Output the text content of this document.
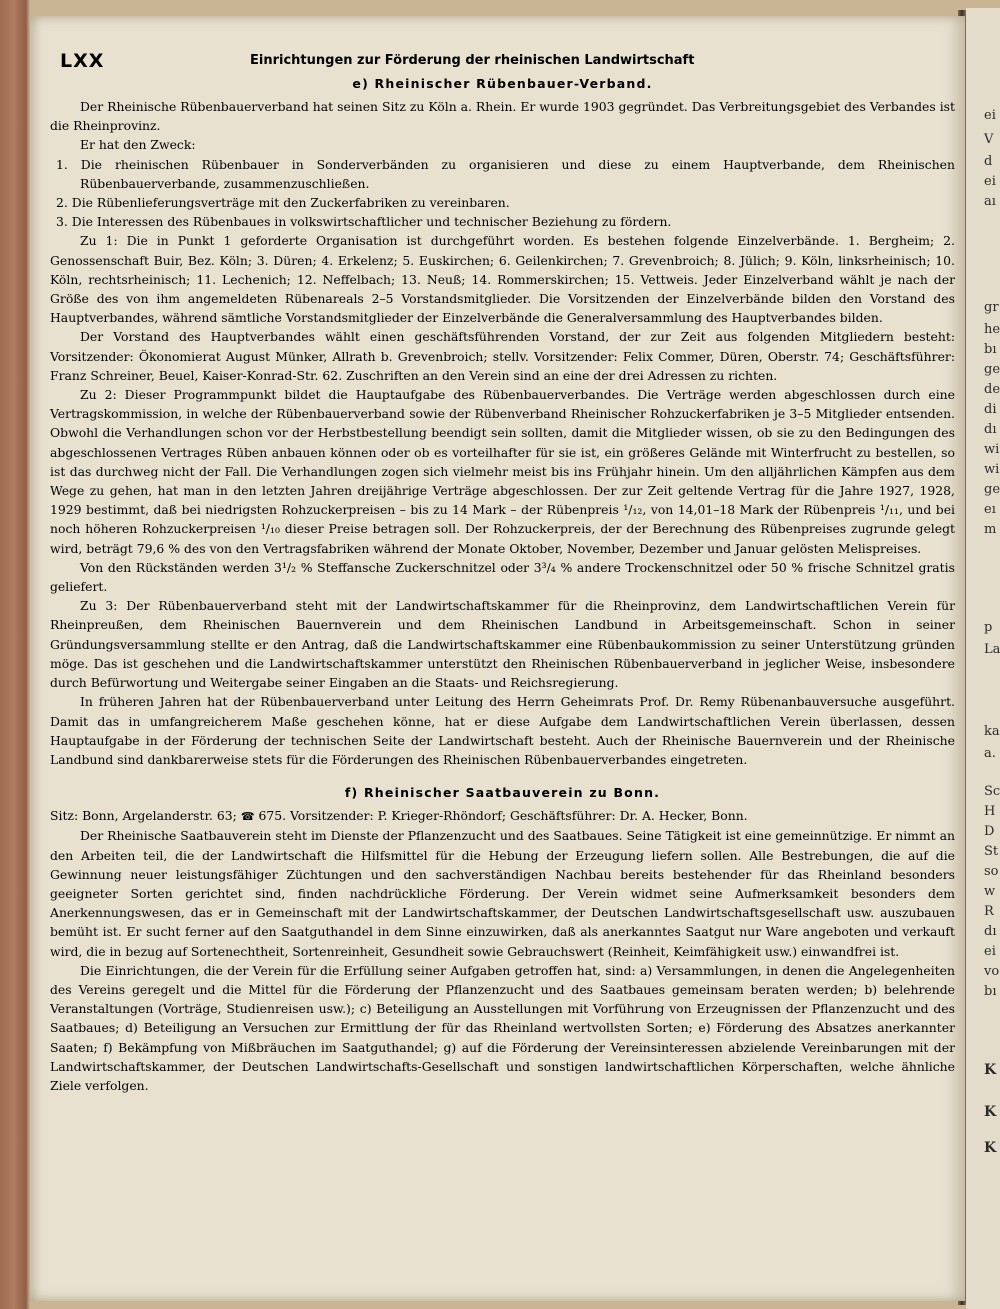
ei
V
d
ei
aı
gr
he
bı
ge
de
di
dı
wi
wi
ge
eı
m
p
La
ka
a.
Sc
H
D
St
so
w
R
dı
ei
vo
bı
K
K
K
LXX	Einrichtungen zur Förderung der rheinischen Landwirtschaft
e) Rheinischer Rübenbauer-Verband.

Der Rheinische Rübenbauerverband hat seinen Sitz zu Köln a. Rhein. Er wurde 1903 gegründet. Das Verbreitungsgebiet des Verbandes ist die Rheinprovinz.

Er hat den Zweck:

1. Die rheinischen Rübenbauer in Sonderverbänden zu organisieren und diese zu einem Hauptverbande, dem Rheinischen Rübenbauerverbande, zusammenzuschließen.

2. Die Rübenlieferungsverträge mit den Zuckerfabriken zu vereinbaren.

3. Die Interessen des Rübenbaues in volkswirtschaftlicher und technischer Beziehung zu fördern.

Zu 1: Die in Punkt 1 geforderte Organisation ist durchgeführt worden. Es bestehen folgende Einzelverbände. 1. Bergheim; 2. Genossenschaft Buir, Bez. Köln; 3. Düren; 4. Erkelenz; 5. Euskirchen; 6. Geilenkirchen; 7. Grevenbroich; 8. Jülich; 9. Köln, linksrheinisch; 10. Köln, rechtsrheinisch; 11. Lechenich; 12. Neffelbach; 13. Neuß; 14. Rommerskirchen; 15. Vettweis. Jeder Einzelverband wählt je nach der Größe des von ihm angemeldeten Rübenareals 2–5 Vorstandsmitglieder. Die Vorsitzenden der Einzelverbände bilden den Vorstand des Hauptverbandes, während sämtliche Vorstandsmitglieder der Einzelverbände die Generalversammlung des Hauptverbandes bilden.

Der Vorstand des Hauptverbandes wählt einen geschäftsführenden Vorstand, der zur Zeit aus folgenden Mitgliedern besteht: Vorsitzender: Ökonomierat August Münker, Allrath b. Grevenbroich; stellv. Vorsitzender: Felix Commer, Düren, Oberstr. 74; Geschäftsführer: Franz Schreiner, Beuel, Kaiser-Konrad-Str. 62. Zuschriften an den Verein sind an eine der drei Adressen zu richten.

Zu 2: Dieser Programmpunkt bildet die Hauptaufgabe des Rübenbauerverbandes. Die Verträge werden abgeschlossen durch eine Vertragskommission, in welche der Rübenbauerverband sowie der Rübenverband Rheinischer Rohzuckerfabriken je 3–5 Mitglieder entsenden. Obwohl die Verhandlungen schon vor der Herbstbestellung beendigt sein sollten, damit die Mitglieder wissen, ob sie zu den Bedingungen des abgeschlossenen Vertrages Rüben anbauen können oder ob es vorteilhafter für sie ist, ein größeres Gelände mit Winterfrucht zu bestellen, so ist das durchweg nicht der Fall. Die Verhandlungen zogen sich vielmehr meist bis ins Frühjahr hinein. Um den alljährlichen Kämpfen aus dem Wege zu gehen, hat man in den letzten Jahren dreijährige Verträge abgeschlossen. Der zur Zeit geltende Vertrag für die Jahre 1927, 1928, 1929 bestimmt, daß bei niedrigsten Rohzuckerpreisen – bis zu 14 Mark – der Rübenpreis ¹/₁₂, von 14,01–18 Mark der Rübenpreis ¹/₁₁, und bei noch höheren Rohzuckerpreisen ¹/₁₀ dieser Preise betragen soll. Der Rohzuckerpreis, der der Berechnung des Rübenpreises zugrunde gelegt wird, beträgt 79,6 % des von den Vertragsfabriken während der Monate Oktober, November, Dezember und Januar gelösten Melispreises.

Von den Rückständen werden 3¹/₂ % Steffansche Zuckerschnitzel oder 3³/₄ % andere Trockenschnitzel oder 50 % frische Schnitzel gratis geliefert.

Zu 3: Der Rübenbauerverband steht mit der Landwirtschaftskammer für die Rheinprovinz, dem Landwirtschaftlichen Verein für Rheinpreußen, dem Rheinischen Bauernverein und dem Rheinischen Landbund in Arbeitsgemeinschaft. Schon in seiner Gründungsversammlung stellte er den Antrag, daß die Landwirtschaftskammer eine Rübenbaukommission zu seiner Unterstützung gründen möge. Das ist geschehen und die Landwirtschaftskammer unterstützt den Rheinischen Rübenbauerverband in jeglicher Weise, insbesondere durch Befürwortung und Weitergabe seiner Eingaben an die Staats- und Reichsregierung.

In früheren Jahren hat der Rübenbauerverband unter Leitung des Herrn Geheimrats Prof. Dr. Remy Rübenanbauversuche ausgeführt. Damit das in umfangreicherem Maße geschehen könne, hat er diese Aufgabe dem Landwirtschaftlichen Verein überlassen, dessen Hauptaufgabe in der Förderung der technischen Seite der Landwirtschaft besteht. Auch der Rheinische Bauernverein und der Rheinische Landbund sind dankbarerweise stets für die Förderungen des Rheinischen Rübenbauerverbandes eingetreten.

f) Rheinischer Saatbauverein zu Bonn.

Sitz: Bonn, Argelanderstr. 63; ☎ 675. Vorsitzender: P. Krieger-Rhöndorf; Geschäftsführer: Dr. A. Hecker, Bonn.

Der Rheinische Saatbauverein steht im Dienste der Pflanzenzucht und des Saatbaues. Seine Tätigkeit ist eine gemeinnützige. Er nimmt an den Arbeiten teil, die der Landwirtschaft die Hilfsmittel für die Hebung der Erzeugung liefern sollen. Alle Bestrebungen, die auf die Gewinnung neuer leistungsfähiger Züchtungen und den sachverständigen Nachbau bereits bestehender für das Rheinland besonders geeigneter Sorten gerichtet sind, finden nachdrückliche Förderung. Der Verein widmet seine Aufmerksamkeit besonders dem Anerkennungswesen, das er in Gemeinschaft mit der Landwirtschaftskammer, der Deutschen Landwirtschaftsgesellschaft usw. auszubauen bemüht ist. Er sucht ferner auf den Saatguthandel in dem Sinne einzuwirken, daß als anerkanntes Saatgut nur Ware angeboten und verkauft wird, die in bezug auf Sortenechtheit, Sortenreinheit, Gesundheit sowie Gebrauchswert (Reinheit, Keimfähigkeit usw.) einwandfrei ist.

Die Einrichtungen, die der Verein für die Erfüllung seiner Aufgaben getroffen hat, sind: a) Versammlungen, in denen die Angelegenheiten des Vereins geregelt und die Mittel für die Förderung der Pflanzenzucht und des Saatbaues gemeinsam beraten werden; b) belehrende Veranstaltungen (Vorträge, Studienreisen usw.); c) Beteiligung an Ausstellungen mit Vorführung von Erzeugnissen der Pflanzenzucht und des Saatbaues; d) Beteiligung an Versuchen zur Ermittlung der für das Rheinland wertvollsten Sorten; e) Förderung des Absatzes anerkannter Saaten; f) Bekämpfung von Mißbräuchen im Saatguthandel; g) auf die Förderung der Vereinsinteressen abzielende Vereinbarungen mit der Landwirtschaftskammer, der Deutschen Landwirtschafts-Gesellschaft und sonstigen landwirtschaftlichen Körperschaften, welche ähnliche Ziele verfolgen.
